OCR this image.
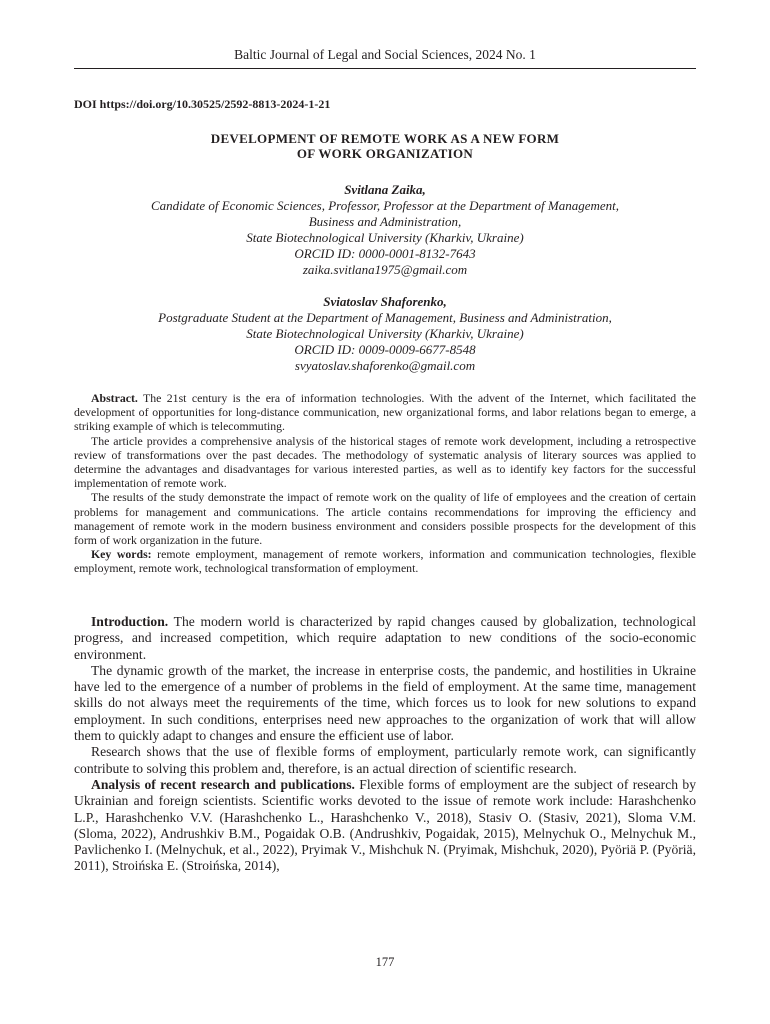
Baltic Journal of Legal and Social Sciences, 2024 No. 1
DOI https://doi.org/10.30525/2592-8813-2024-1-21
DEVELOPMENT OF REMOTE WORK AS A NEW FORM
OF WORK ORGANIZATION
Svitlana Zaika,
Candidate of Economic Sciences, Professor, Professor at the Department of Management,
Business and Administration,
State Biotechnological University (Kharkiv, Ukraine)
ORCID ID: 0000-0001-8132-7643
zaika.svitlana1975@gmail.com
Sviatoslav Shaforenko,
Postgraduate Student at the Department of Management, Business and Administration,
State Biotechnological University (Kharkiv, Ukraine)
ORCID ID: 0009-0009-6677-8548
svyatoslav.shaforenko@gmail.com

Abstract. The 21st century is the era of information technologies. With the advent of the Internet, which facilitated the development of opportunities for long-distance communication, new organizational forms, and labor relations began to emerge, a striking example of which is telecommuting.

The article provides a comprehensive analysis of the historical stages of remote work development, including a retrospective review of transformations over the past decades. The methodology of systematic analysis of literary sources was applied to determine the advantages and disadvantages for various interested parties, as well as to identify key factors for the successful implementation of remote work.

The results of the study demonstrate the impact of remote work on the quality of life of employees and the creation of certain problems for management and communications. The article contains recommendations for improving the efficiency and management of remote work in the modern business environment and considers possible prospects for the development of this form of work organization in the future.

Key words: remote employment, management of remote workers, information and communication technologies, flexible employment, remote work, technological transformation of employment.

Introduction. The modern world is characterized by rapid changes caused by globalization, technological progress, and increased competition, which require adaptation to new conditions of the socio-economic environment.

The dynamic growth of the market, the increase in enterprise costs, the pandemic, and hostilities in Ukraine have led to the emergence of a number of problems in the field of employment. At the same time, management skills do not always meet the requirements of the time, which forces us to look for new solutions to expand employment. In such conditions, enterprises need new approaches to the organization of work that will allow them to quickly adapt to changes and ensure the efficient use of labor.

Research shows that the use of flexible forms of employment, particularly remote work, can significantly contribute to solving this problem and, therefore, is an actual direction of scientific research.

Analysis of recent research and publications. Flexible forms of employment are the subject of research by Ukrainian and foreign scientists. Scientific works devoted to the issue of remote work include: Harashchenko L.P., Harashchenko V.V. (Harashchenko L., Harashchenko V., 2018), Stasiv O. (Stasiv, 2021), Sloma V.M. (Sloma, 2022), Andrushkiv B.M., Pogaidak O.B. (Andrushkiv, Pogaidak, 2015), Melnychuk O., Melnychuk M., Pavlichenko I. (Melnychuk, et al., 2022), Pryimak V., Mishchuk N. (Pryimak, Mishchuk, 2020), Pyöriä P. (Pyöriä, 2011), Stroińska E. (Stroińska, 2014),

177
